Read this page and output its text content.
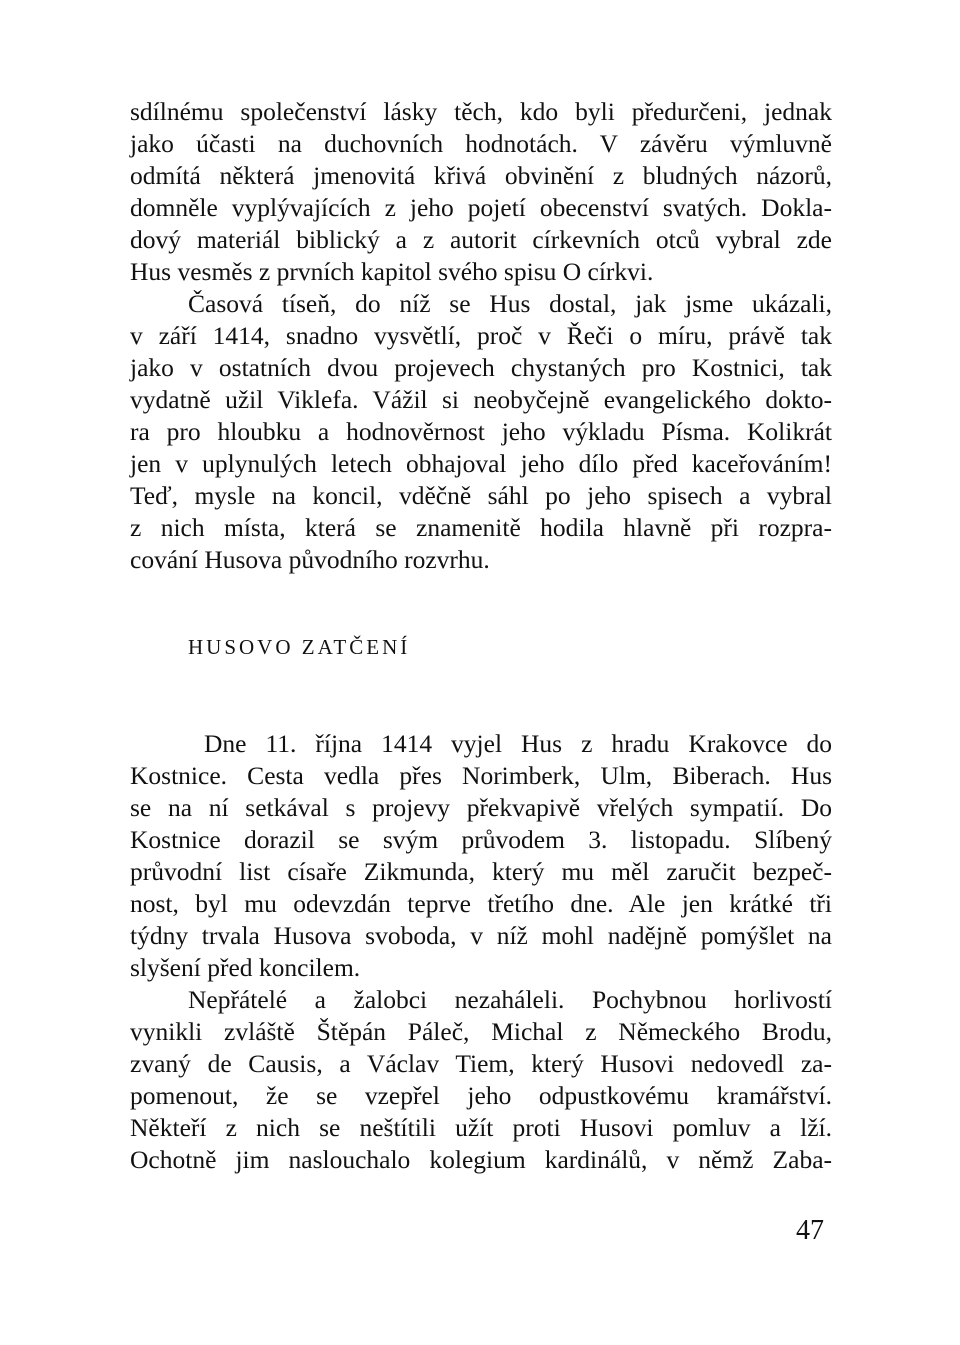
sdílnému společenství lásky těch, kdo byli předurčeni, jednak
jako účasti na duchovních hodnotách. V závěru výmluvně
odmítá některá jmenovitá křivá obvinění z bludných názorů,
domněle vyplývajících z jeho pojetí obecenství svatých. Dokla-
dový materiál biblický a z autorit církevních otců vybral zde
Hus vesměs z prvních kapitol svého spisu O církvi.
Časová tíseň, do níž se Hus dostal, jak jsme ukázali,
v září 1414, snadno vysvětlí, proč v Řeči o míru, právě tak
jako v ostatních dvou projevech chystaných pro Kostnici, tak
vydatně užil Viklefa. Vážil si neobyčejně evangelického dokto-
ra pro hloubku a hodnověrnost jeho výkladu Písma. Kolikrát
jen v uplynulých letech obhajoval jeho dílo před kaceřováním!
Teď, mysle na koncil, vděčně sáhl po jeho spisech a vybral
z nich místa, která se znamenitě hodila hlavně při rozpra-
cování Husova původního rozvrhu.
HUSOVO ZATČENÍ
Dne 11. října 1414 vyjel Hus z hradu Krakovce do
Kostnice. Cesta vedla přes Norimberk, Ulm, Biberach. Hus
se na ní setkával s projevy překvapivě vřelých sympatií. Do
Kostnice dorazil se svým průvodem 3. listopadu. Slíbený
průvodní list císaře Zikmunda, který mu měl zaručit bezpeč-
nost, byl mu odevzdán teprve třetího dne. Ale jen krátké tři
týdny trvala Husova svoboda, v níž mohl nadějně pomýšlet na
slyšení před koncilem.
Nepřátelé a žalobci nezaháleli. Pochybnou horlivostí
vynikli zvláště Štěpán Páleč, Michal z Německého Brodu,
zvaný de Causis, a Václav Tiem, který Husovi nedovedl za-
pomenout, že se vzepřel jeho odpustkovému kramářství.
Někteří z nich se neštítili užít proti Husovi pomluv a lží.
Ochotně jim naslouchalo kolegium kardinálů, v němž Zaba-
47
